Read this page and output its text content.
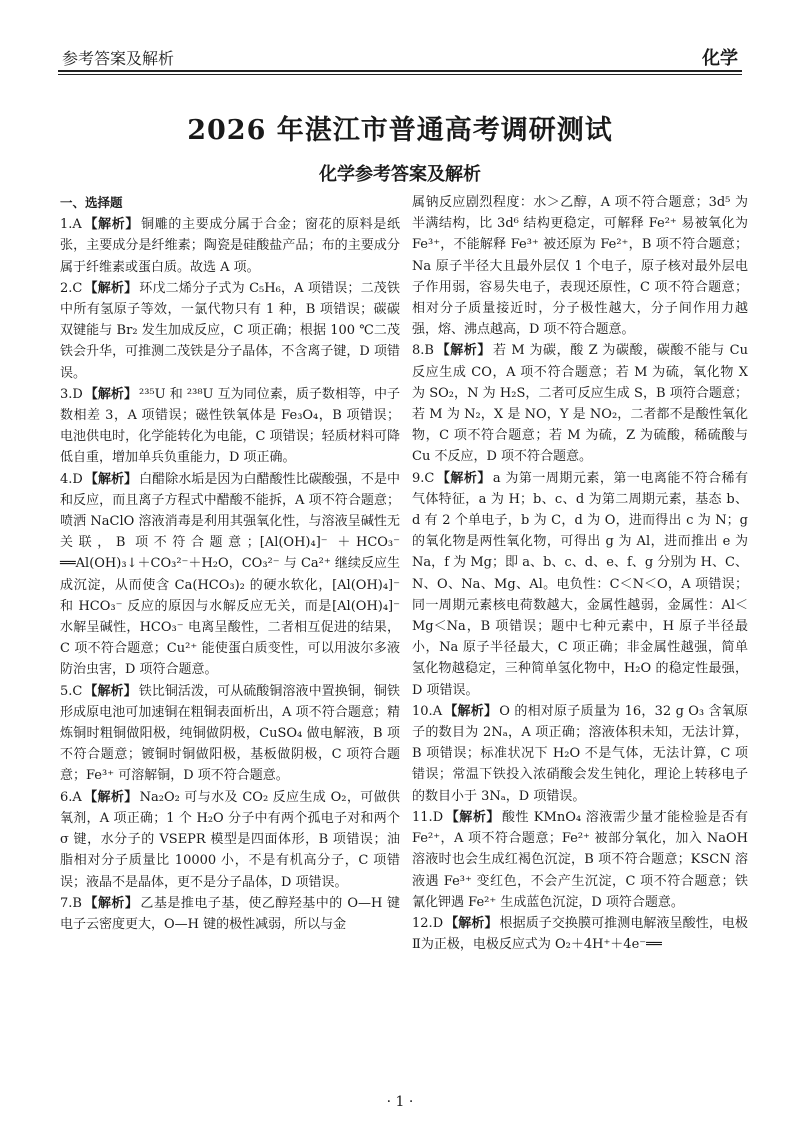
参考答案及解析	化学
2026 年湛江市普通高考调研测试
化学参考答案及解析
一、选择题

1.A 【解析】 铜雕的主要成分属于合金；窗花的原料是纸张，主要成分是纤维素；陶瓷是硅酸盐产品；布的主要成分属于纤维素或蛋白质。故选 A 项。

2.C 【解析】 环戊二烯分子式为 C₅H₆，A 项错误；二茂铁中所有氢原子等效，一氯代物只有 1 种，B 项错误；碳碳双键能与 Br₂ 发生加成反应，C 项正确；根据 100 ℃二茂铁会升华，可推测二茂铁是分子晶体，不含离子键，D 项错误。

3.D 【解析】 ²³⁵U 和 ²³⁸U 互为同位素，质子数相等，中子数相差 3，A 项错误；磁性铁氧体是 Fe₃O₄，B 项错误；电池供电时，化学能转化为电能，C 项错误；轻质材料可降低自重，增加单兵负重能力，D 项正确。

4.D 【解析】 白醋除水垢是因为白醋酸性比碳酸强，不是中和反应，而且离子方程式中醋酸不能拆，A 项不符合题意；喷洒 NaClO 溶液消毒是利用其强氧化性，与溶液呈碱性无关联，B 项不符合题意；[Al(OH)₄]⁻ ＋HCO₃⁻ ══Al(OH)₃↓＋CO₃²⁻＋H₂O，CO₃²⁻ 与 Ca²⁺ 继续反应生成沉淀，从而使含 Ca(HCO₃)₂ 的硬水软化，[Al(OH)₄]⁻ 和 HCO₃⁻ 反应的原因与水解反应无关，而是[Al(OH)₄]⁻ 水解呈碱性，HCO₃⁻ 电离呈酸性，二者相互促进的结果，C 项不符合题意；Cu²⁺ 能使蛋白质变性，可以用波尔多液防治虫害，D 项符合题意。

5.C 【解析】 铁比铜活泼，可从硫酸铜溶液中置换铜，铜铁形成原电池可加速铜在粗铜表面析出，A 项不符合题意；精炼铜时粗铜做阳极，纯铜做阴极，CuSO₄ 做电解液，B 项不符合题意；镀铜时铜做阳极，基板做阴极，C 项符合题意；Fe³⁺ 可溶解铜，D 项不符合题意。

6.A 【解析】 Na₂O₂ 可与水及 CO₂ 反应生成 O₂，可做供氧剂，A 项正确；1 个 H₂O 分子中有两个孤电子对和两个 σ 键，水分子的 VSEPR 模型是四面体形，B 项错误；油脂相对分子质量比 10000 小，不是有机高分子，C 项错误；液晶不是晶体，更不是分子晶体，D 项错误。

7.B 【解析】 乙基是推电子基，使乙醇羟基中的 O—H 键电子云密度更大，O—H 键的极性减弱，所以与金

属钠反应剧烈程度：水＞乙醇，A 项不符合题意；3d⁵ 为半满结构，比 3d⁶ 结构更稳定，可解释 Fe²⁺ 易被氧化为 Fe³⁺，不能解释 Fe³⁺ 被还原为 Fe²⁺，B 项不符合题意；Na 原子半径大且最外层仅 1 个电子，原子核对最外层电子作用弱，容易失电子，表现还原性，C 项不符合题意；相对分子质量接近时，分子极性越大，分子间作用力越强，熔、沸点越高，D 项不符合题意。

8.B 【解析】 若 M 为碳，酸 Z 为碳酸，碳酸不能与 Cu 反应生成 CO，A 项不符合题意；若 M 为硫，氧化物 X 为 SO₂，N 为 H₂S，二者可反应生成 S，B 项符合题意；若 M 为 N₂，X 是 NO，Y 是 NO₂，二者都不是酸性氧化物，C 项不符合题意；若 M 为硫，Z 为硫酸，稀硫酸与 Cu 不反应，D 项不符合题意。

9.C 【解析】 a 为第一周期元素，第一电离能不符合稀有气体特征，a 为 H；b、c、d 为第二周期元素，基态 b、d 有 2 个单电子，b 为 C，d 为 O，进而得出 c 为 N；g 的氧化物是两性氧化物，可得出 g 为 Al，进而推出 e 为 Na，f 为 Mg；即 a、b、c、d、e、f、g 分别为 H、C、N、O、Na、Mg、Al。电负性：C＜N＜O，A 项错误；同一周期元素核电荷数越大，金属性越弱，金属性：Al＜Mg＜Na，B 项错误；题中七种元素中，H 原子半径最小，Na 原子半径最大，C 项正确；非金属性越强，简单氢化物越稳定，三种简单氢化物中，H₂O 的稳定性最强，D 项错误。

10.A 【解析】 O 的相对原子质量为 16，32 g O₃ 含氧原子的数目为 2Nₐ，A 项正确；溶液体积未知，无法计算，B 项错误；标准状况下 H₂O 不是气体，无法计算，C 项错误；常温下铁投入浓硝酸会发生钝化，理论上转移电子的数目小于 3Nₐ，D 项错误。

11.D 【解析】 酸性 KMnO₄ 溶液需少量才能检验是否有 Fe²⁺，A 项不符合题意；Fe²⁺ 被部分氧化，加入 NaOH 溶液时也会生成红褐色沉淀，B 项不符合题意；KSCN 溶液遇 Fe³⁺ 变红色，不会产生沉淀，C 项不符合题意；铁氰化钾遇 Fe²⁺ 生成蓝色沉淀，D 项符合题意。

12.D 【解析】 根据质子交换膜可推测电解液呈酸性，电极Ⅱ为正极，电极反应式为 O₂＋4H⁺＋4e⁻══

· 1 ·
